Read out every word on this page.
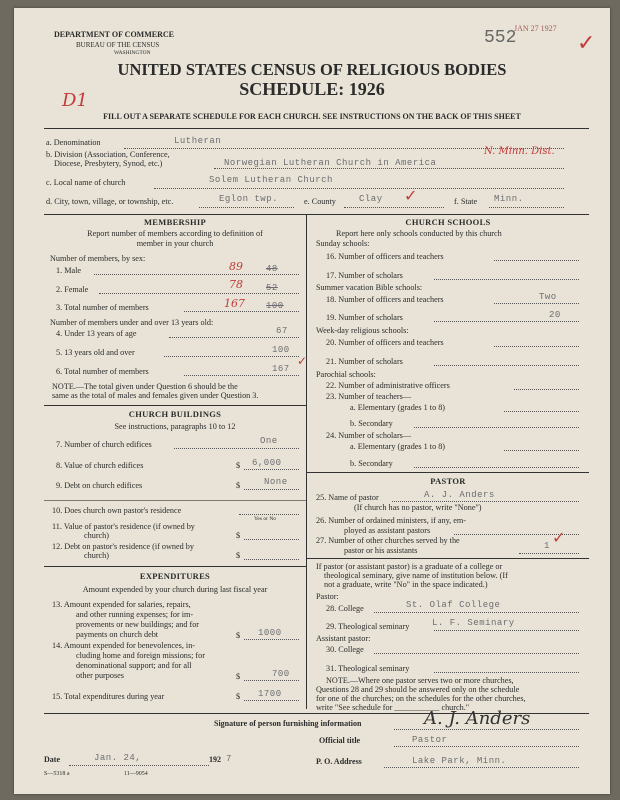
DEPARTMENT OF COMMERCE
BUREAU OF THE CENSUS
WASHINGTON
552
JAN 27 1927
✓
UNITED STATES CENSUS OF RELIGIOUS BODIES
SCHEDULE: 1926
D1
FILL OUT A SEPARATE SCHEDULE FOR EACH CHURCH. SEE INSTRUCTIONS ON THE BACK OF THIS SHEET
a. Denomination	Lutheran
b. Division (Association, Conference,
Diocese, Presbytery, Synod, etc.)	Norwegian Lutheran Church in America
N. Minn. Dist.
c. Local name of church	Solem Lutheran Church
d. City, town, village, or township, etc.	Eglon twp.	e. County	Clay ✓	f. State Minn.
MEMBERSHIP
Report number of members according to definition of
member in your church
Number of members, by sex:
1. Male	89	48
2. Female	78	52
3. Total number of members	167 100
Number of members under and over 13 years old:
4. Under 13 years of age	67
5. 13 years old and over	100
6. Total number of members	167
✓
NOTE.—The total given under Question 6 should be the
same as the total of males and females given under Question 3.
CHURCH BUILDINGS
See instructions, paragraphs 10 to 12
7. Number of church edifices	One
8. Value of church edifices	$ 6,000
9. Debt on church edifices	$	None
10. Does church own pastor's residence
Yes or No
11. Value of pastor's residence (if owned by
church)	$
12. Debt on pastor's residence (if owned by
church)	$
EXPENDITURES
Amount expended by your church during last fiscal year
13. Amount expended for salaries, repairs,
and other running expenses; for im-
provements or new buildings; and for
payments on church debt	$ 1000
14. Amount expended for benevolences, in-
cluding home and foreign missions; for
denominational support; and for all
other purposes	$	700
15. Total expenditures during year	$ 1700
CHURCH SCHOOLS
Report here only schools conducted by this church
Sunday schools:
16. Number of officers and teachers
17. Number of scholars
Summer vacation Bible schools:
18. Number of officers and teachers	Two
19. Number of scholars	20
Week-day religious schools:
20. Number of officers and teachers
21. Number of scholars
Parochial schools:
22. Number of administrative officers
23. Number of teachers—
a. Elementary (grades 1 to 8)
b. Secondary
24. Number of scholars—
a. Elementary (grades 1 to 8)
b. Secondary
PASTOR
25. Name of pastor	A. J. Anders
(If church has no pastor, write "None")
26. Number of ordained ministers, if any, em-
ployed as assistant pastors
27. Number of other churches served by the
pastor or his assistants	1 ✓
If pastor (or assistant pastor) is a graduate of a college or
theological seminary, give name of institution below. (If
not a graduate, write "No" in the space indicated.)
Pastor:
28. College	St. Olaf College
29. Theological seminary	L. F. Seminary
Assistant pastor:
30. College
31. Theological seminary
NOTE.—Where one pastor serves two or more churches,
Questions 28 and 29 should be answered only on the schedule
for one of the churches; on the schedules for the other churches,
write "See schedule for ___________ church."
Signature of person furnishing information	A. J. Anders
Official title	Pastor
Date	Jan. 24,	192 7	P. O. Address	Lake Park, Minn.
S—5318 a	11—9054
